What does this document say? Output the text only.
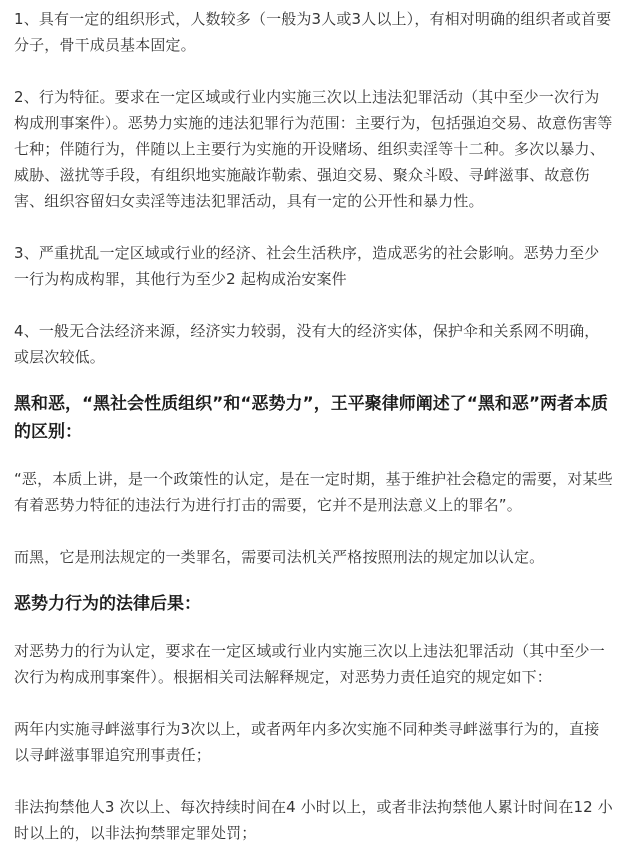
1、具有一定的组织形式，人数较多（一般为3人或3人以上），有相对明确的组织者或首要分子，骨干成员基本固定。

2、行为特征。要求在一定区域或行业内实施三次以上违法犯罪活动（其中至少一次行为构成刑事案件）。恶势力实施的违法犯罪行为范围：主要行为，包括强迫交易、故意伤害等七种；伴随行为，伴随以上主要行为实施的开设赌场、组织卖淫等十二种。多次以暴力、威胁、滋扰等手段，有组织地实施敲诈勒索、强迫交易、聚众斗殴、寻衅滋事、故意伤害、组织容留妇女卖淫等违法犯罪活动，具有一定的公开性和暴力性。

3、严重扰乱一定区域或行业的经济、社会生活秩序，造成恶劣的社会影响。恶势力至少一行为构成构罪，其他行为至少2 起构成治安案件

4、一般无合法经济来源，经济实力较弱，没有大的经济实体，保护伞和关系网不明确，或层次较低。

黑和恶，“黑社会性质组织”和“恶势力”，王平聚律师阐述了“黑和恶”两者本质的区别：

“恶，本质上讲，是一个政策性的认定，是在一定时期，基于维护社会稳定的需要，对某些有着恶势力特征的违法行为进行打击的需要，它并不是刑法意义上的罪名”。

而黑，它是刑法规定的一类罪名，需要司法机关严格按照刑法的规定加以认定。

恶势力行为的法律后果：

对恶势力的行为认定，要求在一定区域或行业内实施三次以上违法犯罪活动（其中至少一次行为构成刑事案件）。根据相关司法解释规定，对恶势力责任追究的规定如下：

两年内实施寻衅滋事行为3次以上，或者两年内多次实施不同种类寻衅滋事行为的，直接以寻衅滋事罪追究刑事责任；

非法拘禁他人3 次以上、每次持续时间在4 小时以上，或者非法拘禁他人累计时间在12 小时以上的，以非法拘禁罪定罪处罚；
